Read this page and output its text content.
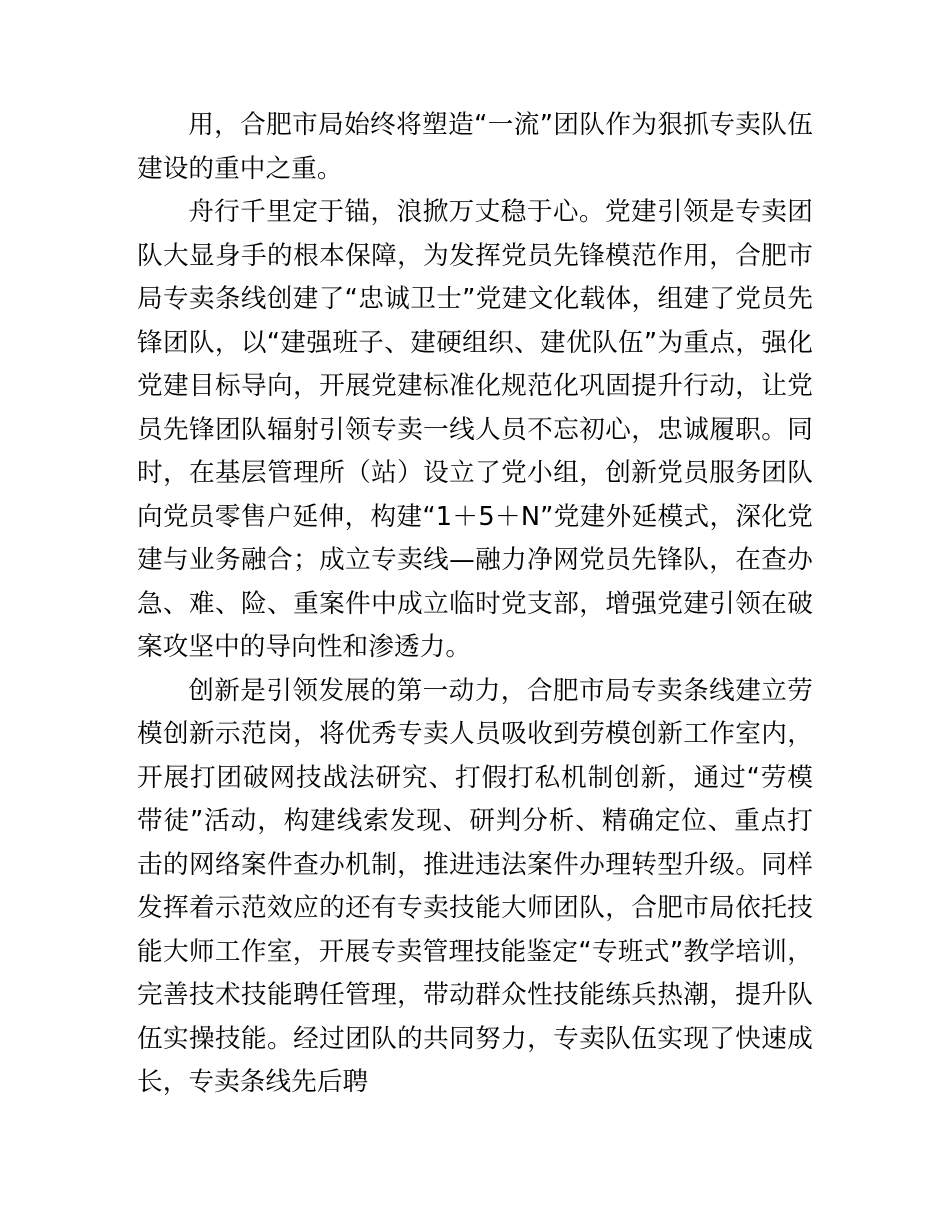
用，合肥市局始终将塑造“一流”团队作为狠抓专卖队伍建设的重中之重。

舟行千里定于锚，浪掀万丈稳于心。党建引领是专卖团队大显身手的根本保障，为发挥党员先锋模范作用，合肥市局专卖条线创建了“忠诚卫士”党建文化载体，组建了党员先锋团队，以“建强班子、建硬组织、建优队伍”为重点，强化党建目标导向，开展党建标准化规范化巩固提升行动，让党员先锋团队辐射引领专卖一线人员不忘初心，忠诚履职。同时，在基层管理所（站）设立了党小组，创新党员服务团队向党员零售户延伸，构建“1＋5＋N”党建外延模式，深化党建与业务融合；成立专卖线—融力净网党员先锋队，在查办急、难、险、重案件中成立临时党支部，增强党建引领在破案攻坚中的导向性和渗透力。

创新是引领发展的第一动力，合肥市局专卖条线建立劳模创新示范岗，将优秀专卖人员吸收到劳模创新工作室内，开展打团破网技战法研究、打假打私机制创新，通过“劳模带徒”活动，构建线索发现、研判分析、精确定位、重点打击的网络案件查办机制，推进违法案件办理转型升级。同样发挥着示范效应的还有专卖技能大师团队，合肥市局依托技能大师工作室，开展专卖管理技能鉴定“专班式”教学培训，完善技术技能聘任管理，带动群众性技能练兵热潮，提升队伍实操技能。经过团队的共同努力，专卖队伍实现了快速成长，专卖条线先后聘
